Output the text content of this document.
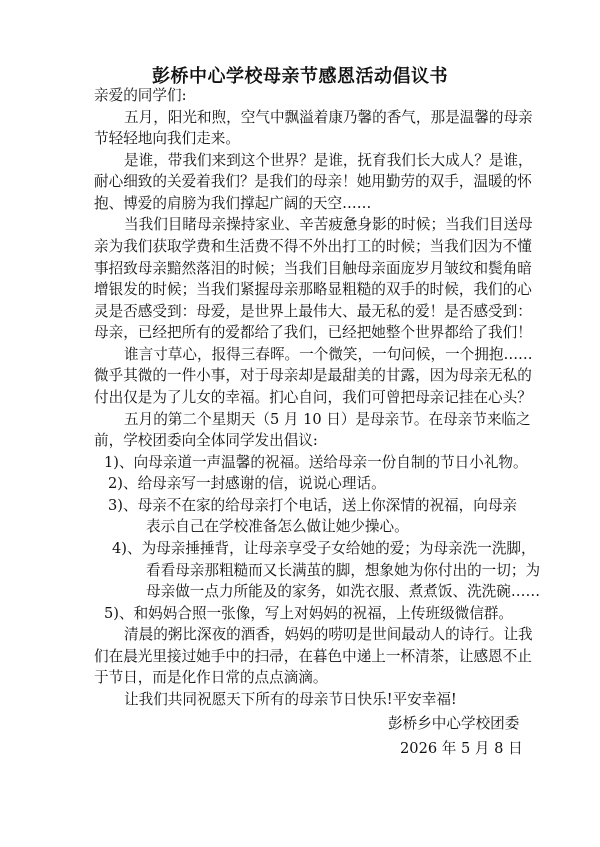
彭桥中心学校母亲节感恩活动倡议书
亲爱的同学们:
五月，阳光和煦，空气中飘溢着康乃馨的香气，那是温馨的母亲
节轻轻地向我们走来。
是谁，带我们来到这个世界？是谁，抚育我们长大成人？是谁，
耐心细致的关爱着我们？是我们的母亲！她用勤劳的双手，温暖的怀
抱、博爱的肩膀为我们撑起广阔的天空……
当我们目睹母亲操持家业、辛苦疲惫身影的时候；当我们目送母
亲为我们获取学费和生活费不得不外出打工的时候；当我们因为不懂
事招致母亲黯然落泪的时候；当我们目触母亲面庞岁月皱纹和鬓角暗
增银发的时候；当我们紧握母亲那略显粗糙的双手的时候，我们的心
灵是否感受到：母爱，是世界上最伟大、最无私的爱！是否感受到：
母亲，已经把所有的爱都给了我们，已经把她整个世界都给了我们！
谁言寸草心，报得三春晖。一个微笑，一句问候，一个拥抱……
微乎其微的一件小事，对于母亲却是最甜美的甘露，因为母亲无私的
付出仅是为了儿女的幸福。扪心自问，我们可曾把母亲记挂在心头？
五月的第二个星期天（5 月 10 日）是母亲节。在母亲节来临之
前，学校团委向全体同学发出倡议:
1)、向母亲道一声温馨的祝福。送给母亲一份自制的节日小礼物。
2)、给母亲写一封感谢的信，说说心理话。
3)、母亲不在家的给母亲打个电话，送上你深情的祝福，向母亲
表示自己在学校准备怎么做让她少操心。
4)、为母亲捶捶背，让母亲享受子女给她的爱；为母亲洗一洗脚，
看看母亲那粗糙而又长满茧的脚，想象她为你付出的一切；为
母亲做一点力所能及的家务，如洗衣服、煮煮饭、洗洗碗……
5)、和妈妈合照一张像，写上对妈妈的祝福，上传班级微信群。
清晨的粥比深夜的酒香，妈妈的唠叨是世间最动人的诗行。让我
们在晨光里接过她手中的扫帚，在暮色中递上一杯清茶，让感恩不止
于节日，而是化作日常的点点滴滴。
让我们共同祝愿天下所有的母亲节日快乐!平安幸福!
彭桥乡中心学校团委
2026 年 5 月 8 日
